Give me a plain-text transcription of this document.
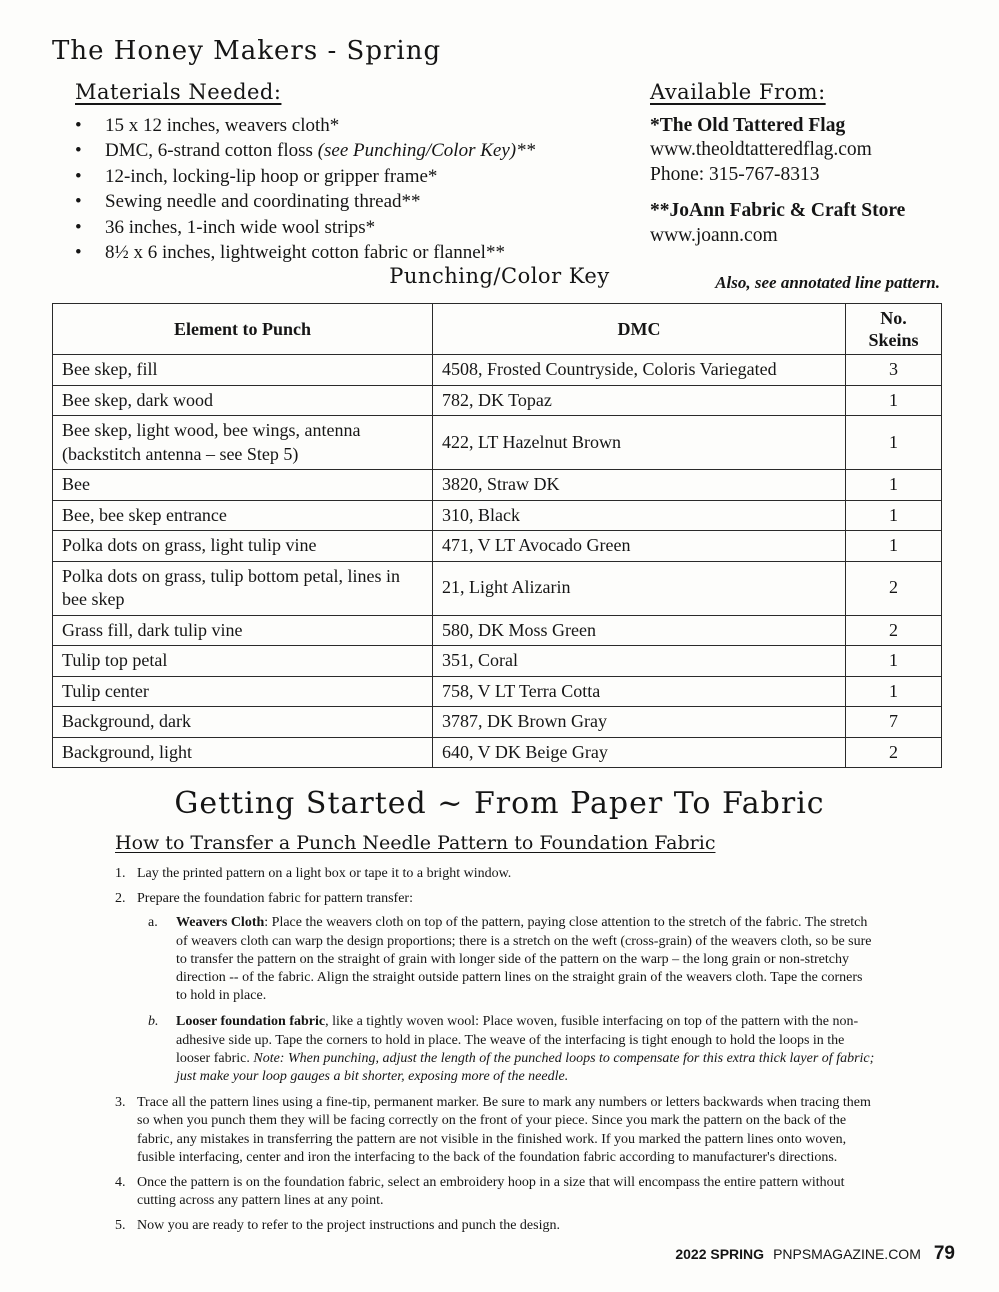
The Honey Makers - Spring
Materials Needed:
•	15 x 12 inches, weavers cloth*
•	DMC, 6-strand cotton floss (see Punching/Color Key)**
•	12-inch, locking-lip hoop or gripper frame*
•	Sewing needle and coordinating thread**
•	36 inches, 1-inch wide wool strips*
•	8½ x 6 inches, lightweight cotton fabric or flannel**
Available From:
*The Old Tattered Flag
www.theoldtatteredflag.com
Phone: 315-767-8313
**JoAnn Fabric & Craft Store
www.joann.com
Punching/Color Key	Also, see annotated line pattern.
Element to Punch	DMC	No.
Skeins

Bee skep, fill	4508, Frosted Countryside, Coloris Variegated	3
Bee skep, dark wood	782, DK Topaz	1
Bee skep, light wood, bee wings, antenna (backstitch antenna – see Step 5)	422, LT Hazelnut Brown	1
Bee	3820, Straw DK	1
Bee, bee skep entrance	310, Black	1
Polka dots on grass, light tulip vine	471, V LT Avocado Green	1
Polka dots on grass, tulip bottom petal, lines in bee skep	21, Light Alizarin	2
Grass fill, dark tulip vine	580, DK Moss Green	2
Tulip top petal	351, Coral	1
Tulip center	758, V LT Terra Cotta	1
Background, dark	3787, DK Brown Gray	7
Background, light	640, V DK Beige Gray	2
Getting Started ~ From Paper To Fabric
How to Transfer a Punch Needle Pattern to Foundation Fabric
1. Lay the printed pattern on a light box or tape it to a bright window.
2. Prepare the foundation fabric for pattern transfer:
a.	Weavers Cloth: Place the weavers cloth on top of the pattern, paying close attention to the stretch of the fabric. The stretch of weavers cloth can warp the design proportions; there is a stretch on the weft (cross-grain) of the weavers cloth, so be sure to transfer the pattern on the straight of grain with longer side of the pattern on the warp – the long grain or non-stretchy direction -- of the fabric. Align the straight outside pattern lines on the straight grain of the weavers cloth. Tape the corners to hold in place.
b.	Looser foundation fabric, like a tightly woven wool: Place woven, fusible interfacing on top of the pattern with the non-adhesive side up. Tape the corners to hold in place. The weave of the interfacing is tight enough to hold the loops in the looser fabric. Note: When punching, adjust the length of the punched loops to compensate for this extra thick layer of fabric; just make your loop gauges a bit shorter, exposing more of the needle.
3. Trace all the pattern lines using a fine-tip, permanent marker. Be sure to mark any numbers or letters backwards when tracing them so when you punch them they will be facing correctly on the front of your piece. Since you mark the pattern on the back of the fabric, any mistakes in transferring the pattern are not visible in the finished work. If you marked the pattern lines onto woven, fusible interfacing, center and iron the interfacing to the back of the foundation fabric according to manufacturer's directions.
4. Once the pattern is on the foundation fabric, select an embroidery hoop in a size that will encompass the entire pattern without cutting across any pattern lines at any point.
5. Now you are ready to refer to the project instructions and punch the design.
2022 SPRING PNPSMAGAZINE.COM 79
